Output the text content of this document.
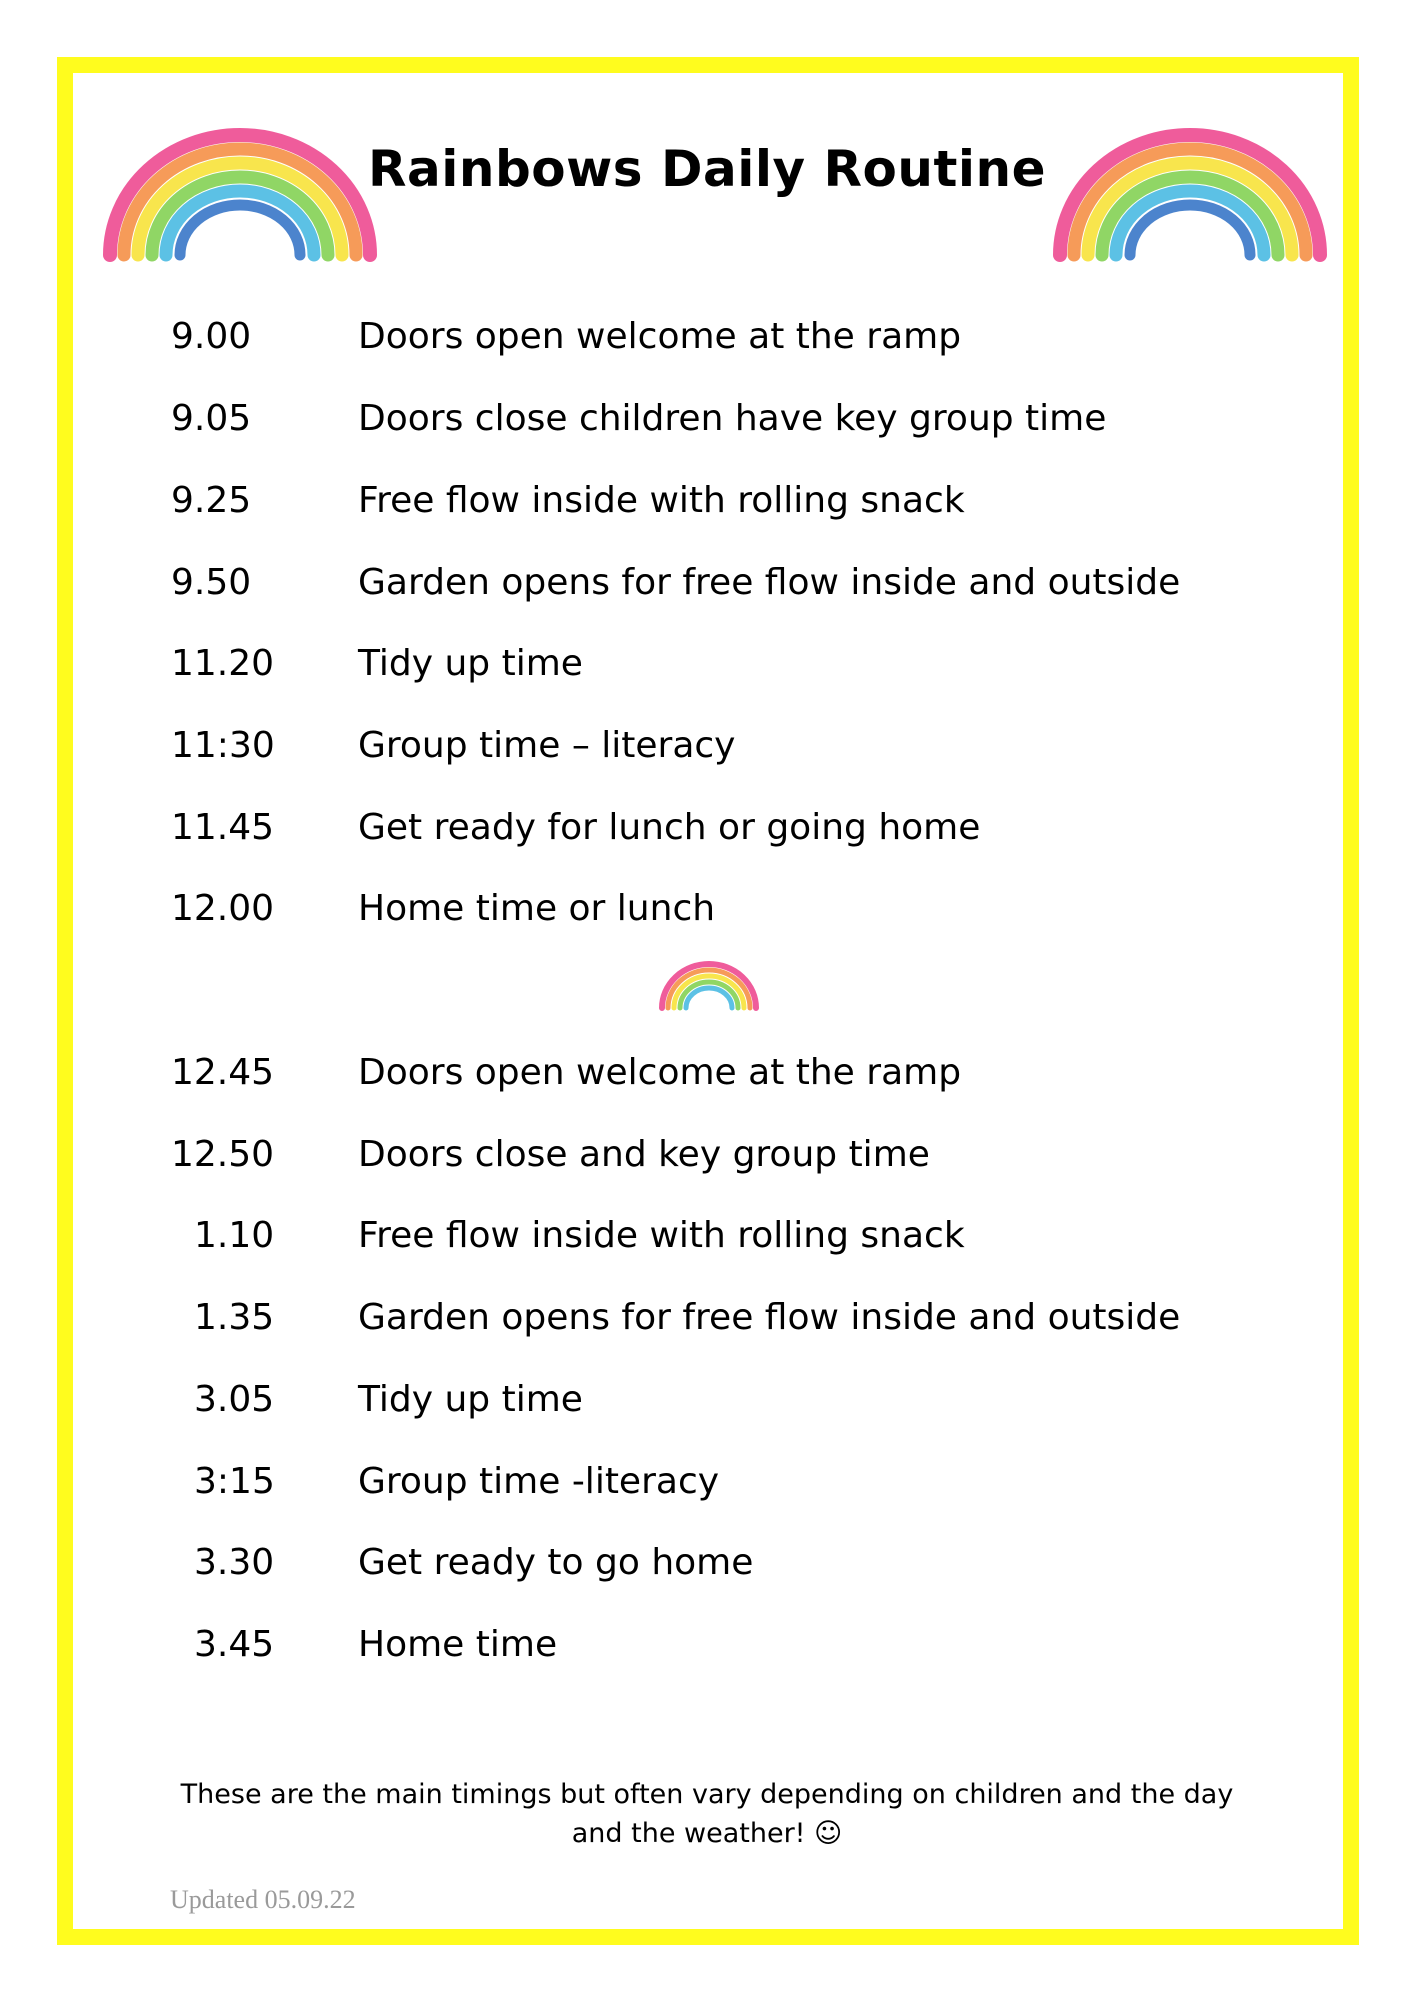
Rainbows Daily Routine
9.00	Doors open welcome at the ramp
9.05	Doors close children have key group time
9.25	Free flow inside with rolling snack
9.50	Garden opens for free flow inside and outside
11.20 Tidy up time
11:30 Group time – literacy
11.45 Get ready for lunch or going home
12.00 Home time or lunch
12.45 Doors open welcome at the ramp
12.50 Doors close and key group time
1.10 Free flow inside with rolling snack
1.35 Garden opens for free flow inside and outside
3.05 Tidy up time
3:15 Group time -literacy
3.30 Get ready to go home
3.45 Home time
These are the main timings but often vary depending on children and the day
and the weather! ☺
Updated 05.09.22
